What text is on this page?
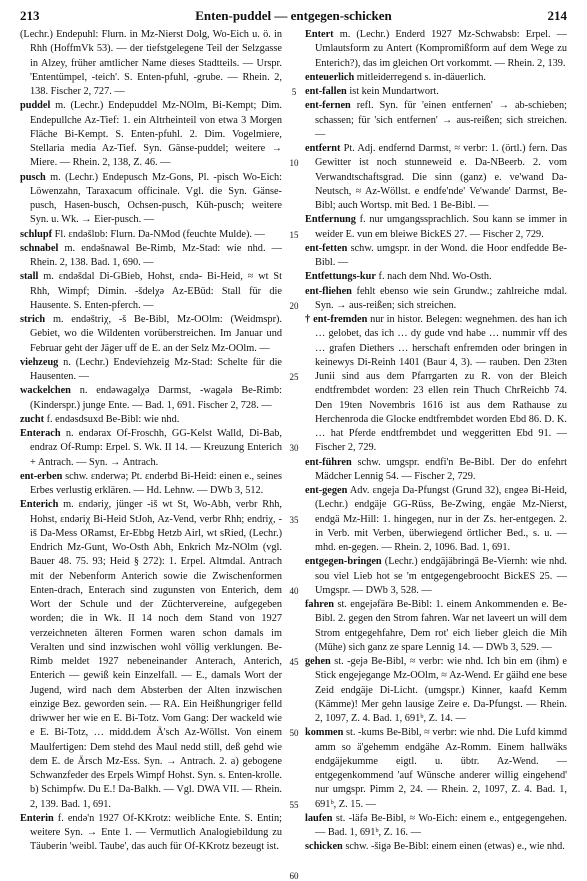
213	Enten-puddel — entgegen-schicken	214

(Lechr.) Endepuhl: Flurn. in Mz-Nierst Dolg, Wo-Eich u. ö. in Rhh (HoffmVk 53). — der tiefstgelegene Teil der Selzgasse in Alzey, früher amtlicher Name dieses Stadtteils. — Urspr. 'Ententümpel, -teich'. S. Enten-pfuhl, -grube. — Rhein. 2, 138. Fischer 2, 727. —

puddel m. (Lechr.) Endepuddel Mz-NOlm, Bi-Kempt; Dim. Endepullche Az-Tief: 1. ein Altrheinteil von etwa 3 Morgen Fläche Bi-Kempt. S. Enten-pfuhl. 2. Dim. Vogelmiere, Stellaria media Az-Tief. Syn. Gänse-puddel; weitere → Miere. — Rhein. 2, 138, Z. 46. —

pusch m. (Lechr.) Endepusch Mz-Gons, Pl. -pisch Wo-Eich: Löwenzahn, Taraxacum officinale. Vgl. die Syn. Gänse-pusch, Hasen-busch, Ochsen-pusch, Küh-pusch; weitere Syn. u. Wk. → Eier-pusch. —

schlupf Fl. ɛndəšlɒb: Flurn. Da-NMod (feuchte Mulde). —

schnabel m. endəšnawəl Be-Rimb, Mz-Stad: wie nhd. — Rhein. 2, 138. Bad. 1, 690. —

stall m. ɛndəšdal Di-GBieb, Hohst, ɛndə- Bi-Heid, ≈ wt St Rhh, Wimpf; Dimin. -šdelχə Az-EBüd: Stall für die Hausente. S. Enten-pferch. —

strich m. endəštriχ, -š Be-Bibl, Mz-OOlm: (Weidmspr). Gebiet, wo die Wildenten vorüberstreichen. Im Januar und Februar geht der Jäger uff de E. an der Selz Mz-OOlm. —

viehzeug n. (Lechr.) Endeviehzeig Mz-Stad: Schelte für die Hausenten. —

wackelchen n. endəwagəlχə Darmst, -wagələ Be-Rimb: (Kinderspr.) junge Ente. — Bad. 1, 691. Fischer 2, 728. —

zucht f. endəsdsuxd Be-Bibl: wie nhd.

Enterach n. endərax Of-Froschh, GG-Kelst Walld, Di-Bab, endraz Of-Rump: Erpel. S. Wk. II 14. — Kreuzung Enterich + Antrach. — Syn. → Antrach.

ent-erben schw. ɛnderwə; Pt. ɛnderbd Bi-Heid: einen e., seines Erbes verlustig erklären. — Hd. Lehnw. — DWb 3, 512.

Enterich m. ɛndəriχ, jünger -iš wt St, Wo-Abh, verbr Rhh, Hohst, ɛndəriχ Bi-Heid StJoh, Az-Vend, verbr Rhh; endriχ, -iš Da-Mess ORamst, Er-Ebbg Hetzb Airl, wt sRied, (Lechr.) Endrich Mz-Gunt, Wo-Osth Abh, Enkrich Mz-NOlm (vgl. Bauer 48. 75. 93; Heid § 272): 1. Erpel. Altmdal. Antrach mit der Nebenform Anterich sowie die Zwischenformen Enten-drach, Enterach sind zugunsten von Enterich, dem Wort der Schule und der Züchtervereine, aufgegeben worden; die in Wk. II 14 noch dem Stand von 1927 verzeichneten älteren Formen waren schon damals im Veralten und sind inzwischen wohl völlig verklungen. Be-Rimb meldet 1927 nebeneinander Anterach, Anterich, Enterich — gewiß kein Einzelfall. — E., damals Wort der Jugend, wird nach dem Absterben der Alten inzwischen einzige Bez. geworden sein. — RA. Ein Heißhungriger felld driwwer her wie en E. Bi-Totz. Vom Gang: Der wackeld wie e E. Bi-Totz, … midd.dem Ä'sch Az-Wöllst. Von einem Maulfertigen: Dem stehd des Maul nedd still, deß gehd wie dem E. de Ärsch Mz-Ess. Syn. → Antrach. 2. a) gebogene Schwanzfeder des Erpels Wimpf Hohst. Syn. s. Enten-krolle. b) Schimpfw. Du E.! Da-Balkh. — Vgl. DWA VII. — Rhein. 2, 139. Bad. 1, 691.

Enterin f. endə'n 1927 Of-KKrotz: weibliche Ente. S. Entin; weitere Syn. → Ente 1. — Vermutlich Analogiebildung zu Täuberin 'weibl. Taube', das auch für Of-KKrotz bezeugt ist.

5
10
15
20
25
30
35
40
45
50
55
60

Entert m. (Lechr.) Enderd 1927 Mz-Schwabsb: Erpel. — Umlautsform zu Antert (Kompromißform auf dem Wege zu Enterich?), das im gleichen Ort vorkommt. — Rhein. 2, 139.

enteuerlich mitleiderregend s. in-däuerlich.

ent-fallen ist kein Mundartwort.

ent-fernen refl. Syn. für 'einen entfernen' → ab-schieben; schassen; für 'sich entfernen' → aus-reißen; sich streichen. —

entfernt Pt. Adj. endfernd Darmst, ≈ verbr: 1. (örtl.) fern. Das Gewitter ist noch stunneweid e. Da-NBeerb. 2. vom Verwandtschaftsgrad. Die sinn (ganz) e. ve'wand Da-Neutsch, ≈ Az-Wöllst. e endfe'nde' Ve'wande' Darmst, Be-Bibl; auch Wortsp. mit Bed. 1 Be-Bibl. —

Entfernung f. nur umgangssprachlich. Sou kann se immer in weider E. vun em bleiwe BickES 27. — Fischer 2, 729.

ent-fetten schw. umgspr. in der Wond. die Hoor endfedde Be-Bibl. —

Entfettungs-kur f. nach dem Nhd. Wo-Osth.

ent-fliehen fehlt ebenso wie sein Grundw.; zahlreiche mdal. Syn. → aus-reißen; sich streichen.

† ent-fremden nur in histor. Belegen: wegnehmen. des han ich … gelobet, das ich … dy gude vnd habe … nummir vff des … grafen Diethers … herschaft enfremden oder bringen in keinewys Di-Reinh 1401 (Baur 4, 3). — rauben. Den 23ten Junii sind aus dem Pfarrgarten zu R. von der Bleich endtfrembdet worden: 23 ellen rein Thuch ChrReichb 74. Den 19ten Novembris 1616 ist aus dem Rathause zu Herchenroda die Glocke endtfrembdet worden Ebd 86. D. K. … hat Pferde endtfrembdet und weggeritten Ebd 91. — Fischer 2, 729.

ent-führen schw. umgspr. endfi'n Be-Bibl. Der do enfehrt Mädcher Lennig 54. — Fischer 2, 729.

ent-gegen Adv. ɛngeja Da-Pfungst (Grund 32), ɛngeə Bi-Heid, (Lechr.) endgäje GG-Rüss, Be-Zwing, engäe Mz-Nierst, endgä Mz-Hill: 1. hingegen, nur in der Zs. her-entgegen. 2. in Verb. mit Verben, überwiegend örtlicher Bed., s. u. — mhd. en-gegen. — Rhein. 2, 1096. Bad. 1, 691.

entgegen-bringen (Lechr.) endgäjäbringä Be-Viernh: wie nhd. sou viel Lieb hot se 'm entgegengebroocht BickES 25. — Umgspr. — DWb 3, 528. —

fahren st. engejəfärə Be-Bibl: 1. einem Ankommenden e. Be-Bibl. 2. gegen den Strom fahren. War net laveert un will dem Strom entgegehfahre, Dem rot' eich lieber gleich die Mih (Mühe) sich ganz ze spare Lennig 14. — DWb 3, 529. —

gehen st. -gejə Be-Bibl, ≈ verbr: wie nhd. Ich bin em (ihm) e Stick engejegange Mz-OOlm, ≈ Az-Wend. Er gäihd ene bese Zeid endgäje Di-Licht. (umgspr.) Kinner, kaafd Kemm (Kämme)! Mer gehn lausige Zeire e. Da-Pfungst. — Rhein. 2, 1097, Z. 4. Bad. 1, 691ᵇ, Z. 14. —

kommen st. -kums Be-Bibl, ≈ verbr: wie nhd. Die Lufd kimmd amm so ä'gehemm endgähe Az-Romm. Einem hallwäks endgäjekumme eigtl. u. übtr. Az-Wend. — entgegenkommend 'auf Wünsche anderer willig eingehend' nur umgspr. Pimm 2, 24. — Rhein. 2, 1097, Z. 4. Bad. 1, 691ᵇ, Z. 15. —

laufen st. -läfə Be-Bibl, ≈ Wo-Eich: einem e., entgegengehen. — Bad. 1, 691ᵇ, Z. 16. —

schicken schw. -šigə Be-Bibl: einem einen (etwas) e., wie nhd.
